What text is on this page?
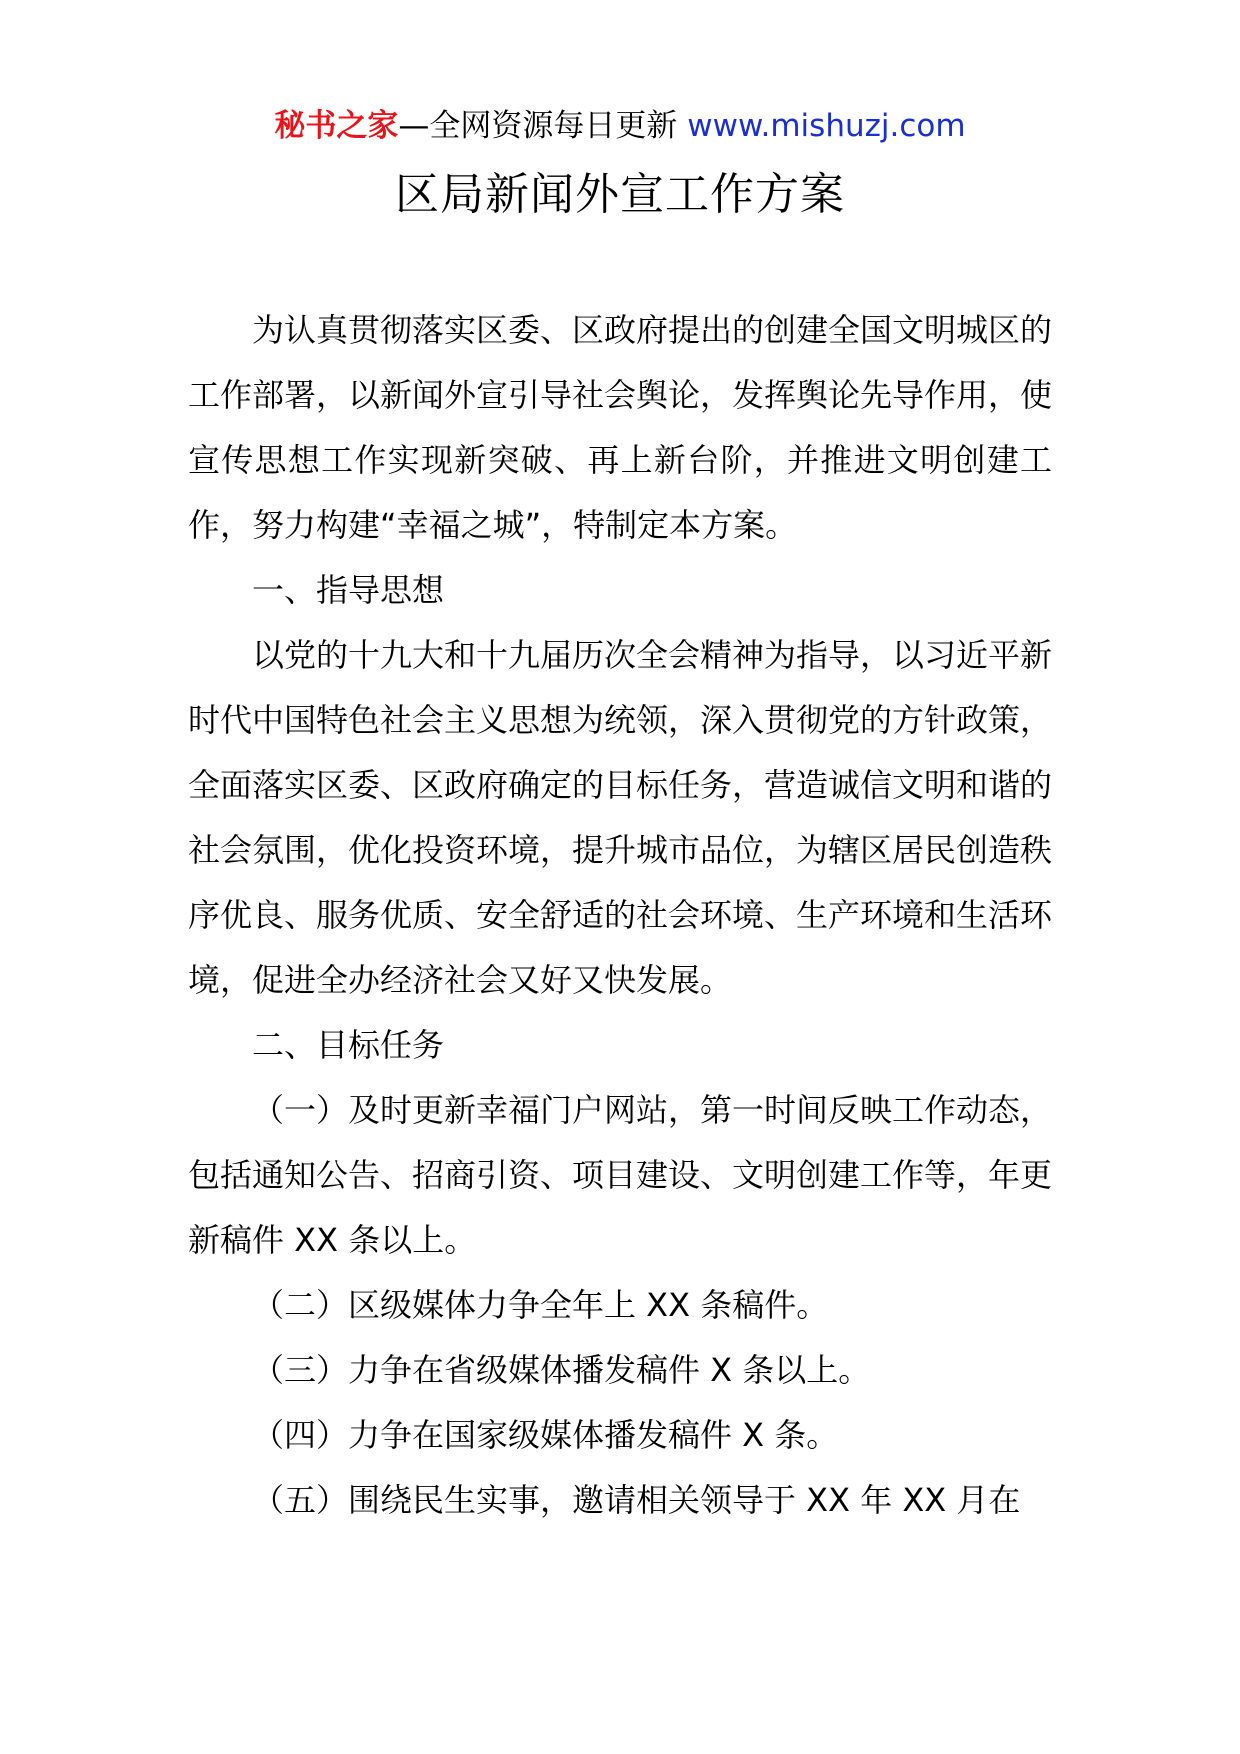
秘书之家—全网资源每日更新 www.mishuzj.com
区局新闻外宣工作方案

为认真贯彻落实区委、区政府提出的创建全国文明城区的工作部署，以新闻外宣引导社会舆论，发挥舆论先导作用，使宣传思想工作实现新突破、再上新台阶，并推进文明创建工作，努力构建“幸福之城”，特制定本方案。

一、指导思想

以党的十九大和十九届历次全会精神为指导，以习近平新时代中国特色社会主义思想为统领，深入贯彻党的方针政策，全面落实区委、区政府确定的目标任务，营造诚信文明和谐的社会氛围，优化投资环境，提升城市品位，为辖区居民创造秩序优良、服务优质、安全舒适的社会环境、生产环境和生活环境，促进全办经济社会又好又快发展。

二、目标任务

（一）及时更新幸福门户网站，第一时间反映工作动态，包括通知公告、招商引资、项目建设、文明创建工作等，年更新稿件 XX 条以上。

（二）区级媒体力争全年上 XX 条稿件。

（三）力争在省级媒体播发稿件 X 条以上。

（四）力争在国家级媒体播发稿件 X 条。

（五）围绕民生实事，邀请相关领导于 XX 年 XX 月在
